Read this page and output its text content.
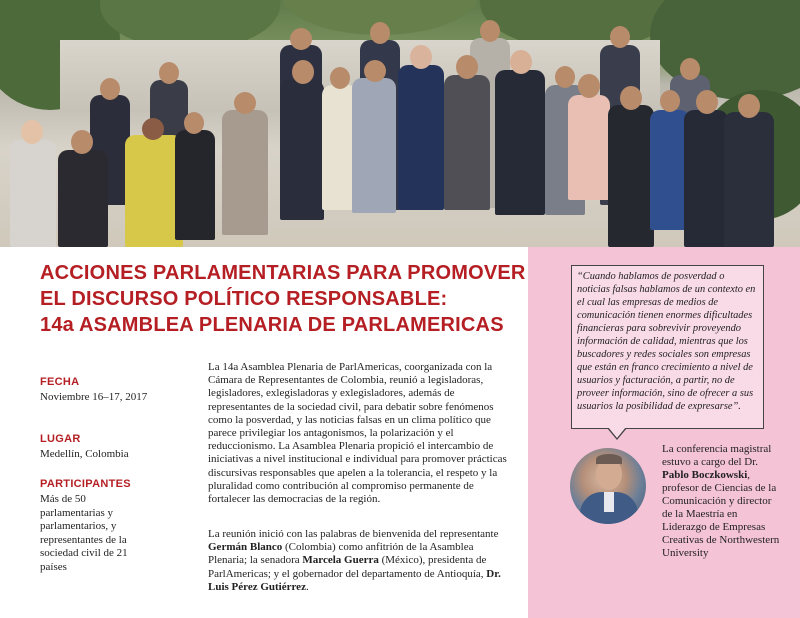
ACCIONES PARLAMENTARIAS PARA PROMOVER
EL DISCURSO POLÍTICO RESPONSABLE:
14a ASAMBLEA PLENARIA DE PARLAMERICAS
FECHA
Noviembre 16–17, 2017
LUGAR
Medellín, Colombia
PARTICIPANTES
Más de 50 parlamentarias y parlamentarios, y representantes de la sociedad civil de 21 países

La 14a Asamblea Plenaria de ParlAmericas, coorganizada con la Cámara de Representantes de Colombia, reunió a legisladoras, legisladores, exlegisladoras y exlegisladores, además de representantes de la sociedad civil, para debatir sobre fenómenos como la posverdad, y las noticias falsas en un clima político que parece privilegiar los antagonismos, la polarización y el reduccionismo. La Asamblea Plenaria propició el intercambio de iniciativas a nivel institucional e individual para promover prácticas discursivas responsables que apelen a la tolerancia, el respeto y la pluralidad como contribución al compromiso permanente de fortalecer las democracias de la región.

La reunión inició con las palabras de bienvenida del representante Germán Blanco (Colombia) como anfitrión de la Asamblea Plenaria; la senadora Marcela Guerra (México), presidenta de ParlAmericas; y el gobernador del departamento de Antioquía, Dr. Luis Pérez Gutiérrez.

“Cuando hablamos de posverdad o noticias falsas hablamos de un contexto en el cual las empresas de medios de comunicación tienen enormes dificultades financieras para sobrevivir proveyendo información de calidad, mientras que los buscadores y redes sociales son empresas que están en franco crecimiento a nivel de usuarios y facturación, a partir, no de proveer información, sino de ofrecer a sus usuarios la posibilidad de expresarse”.

La conferencia magistral estuvo a cargo del Dr. Pablo Boczkowski, profesor de Ciencias de la Comunicación y director de la Maestría en Liderazgo de Empresas Creativas de Northwestern University
